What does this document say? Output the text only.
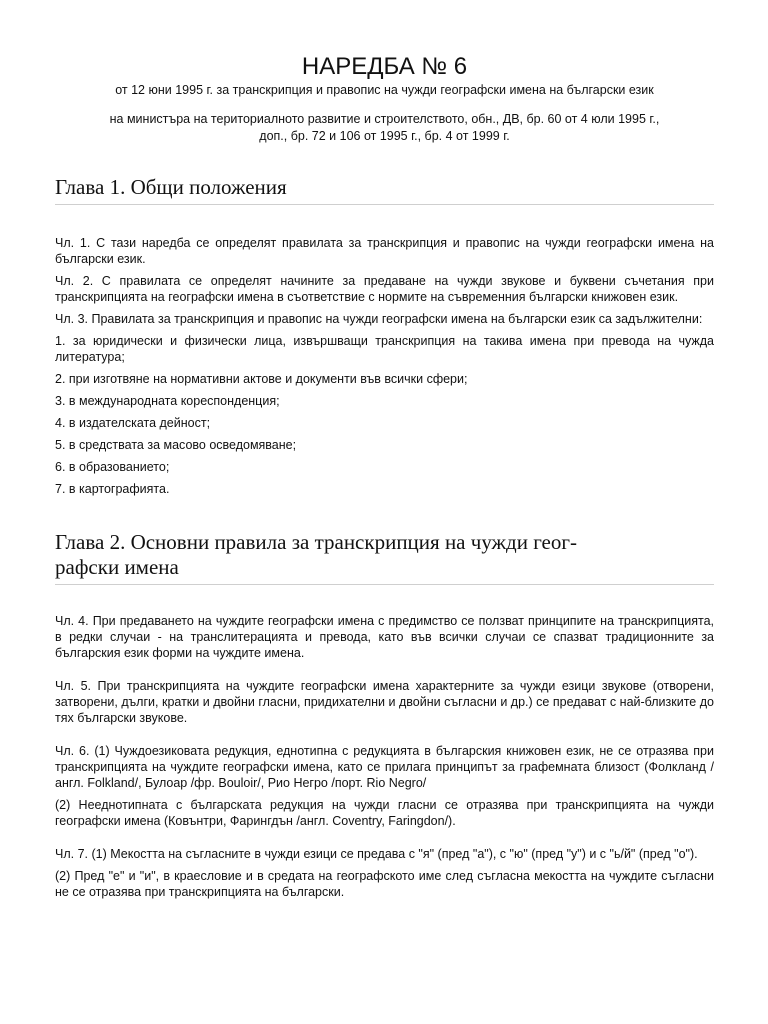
НАРЕДБА № 6

от 12 юни 1995 г. за транскрипция и правопис на чужди географски имена на български език

на министъра на териториалното развитие и строителството, обн., ДВ, бр. 60 от 4 юли 1995 г.,
доп., бр. 72 и 106 от 1995 г., бр. 4 от 1999 г.

Глава 1. Общи положения

Чл. 1. С тази наредба се определят правилата за транскрипция и правопис на чужди географски имена на български език.

Чл. 2. С правилата се определят начините за предаване на чужди звукове и буквени съчетания при транскрипцията на географски имена в съответствие с нормите на съвременния български книжовен език.

Чл. 3. Правилата за транскрипция и правопис на чужди географски имена на български език са задължителни:

1. за юридически и физически лица, извършващи транскрипция на такива имена при превода на чужда литература;

2. при изготвяне на нормативни актове и документи във всички сфери;

3. в международната кореспонденция;

4. в издателската дейност;

5. в средствата за масово осведомяване;

6. в образованието;

7. в картографията.

Глава 2. Основни правила за транскрипция на чужди геог-
рафски имена

Чл. 4. При предаването на чуждите географски имена с предимство се ползват принципите на транскрипцията, в редки случаи - на транслитерацията и превода, като във всички случаи се спазват традиционните за българския език форми на чуждите имена.

Чл. 5. При транскрипцията на чуждите географски имена характерните за чужди езици звукове (отворени, затворени, дълги, кратки и двойни гласни, придихателни и двойни съгласни и др.) се предават с най-близките до тях български звукове.

Чл. 6. (1) Чуждоезиковата редукция, еднотипна с редукцията в българския книжовен език, не се отразява при транскрипцията на чуждите географски имена, като се прилага принципът за графемната близост (Фолкланд /англ. Folkland/, Булоар /фр. Bouloir/, Рио Негро /порт. Rio Negro/

(2) Нееднотипната с българската редукция на чужди гласни се отразява при транскрипцията на чужди географски имена (Ковънтри, Фарингдън /англ. Coventry, Faringdon/).

Чл. 7. (1) Мекостта на съгласните в чужди езици се предава с "я" (пред "а"), с "ю" (пред "у") и с "ь/й" (пред "о").

(2) Пред "е" и "и", в краесловие и в средата на географското име след съгласна мекостта на чуждите съгласни не се отразява при транскрипцията на български.
